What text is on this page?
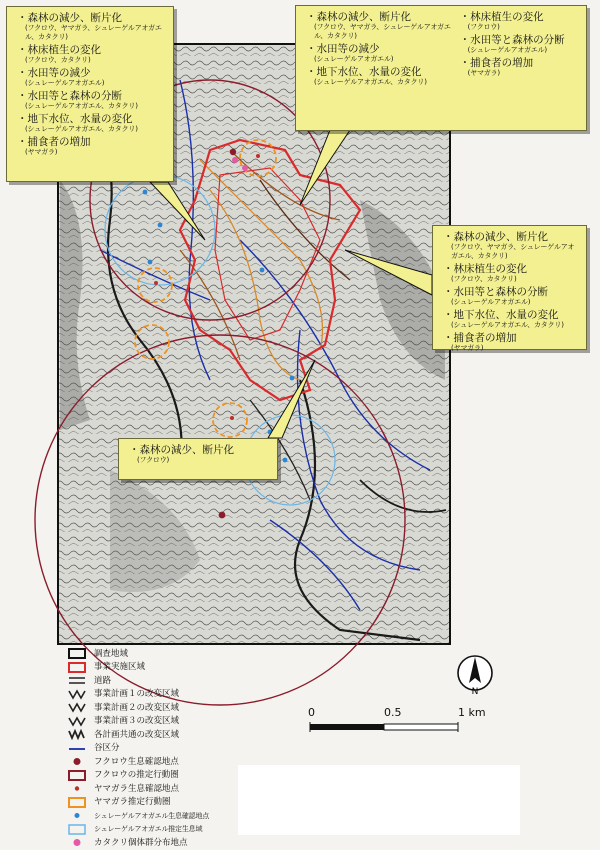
・ 森林の減少、断片化
(フクロウ、ヤマガラ、シュレーゲルアオガエル、カタクリ)
・ 林床植生の変化
(フクロウ、カタクリ)
・ 水田等の減少
(シュレーゲルアオガエル)
・ 水田等と森林の分断
(シュレーゲルアオガエル、カタクリ)
・ 地下水位、水量の変化
(シュレーゲルアオガエル、カタクリ)
・ 捕食者の増加
(ヤマガラ)
・ 森林の減少、断片化
(フクロウ、ヤマガラ、シュレーゲルアオガエル、カタクリ)
・ 水田等の減少
(シュレーゲルアオガエル)
・ 地下水位、水量の変化
(シュレーゲルアオガエル、カタクリ)
・ 林床植生の変化
(フクロウ)
・ 水田等と森林の分断
(シュレーゲルアオガエル)
・ 捕食者の増加
(ヤマガラ)
・ 森林の減少、断片化
(フクロウ、ヤマガラ、シュレーゲルアオガエル、カタクリ)
・ 林床植生の変化
(フクロウ、カタクリ)
・ 水田等と森林の分断
(シュレーゲルアオガエル)
・ 地下水位、水量の変化
(シュレーゲルアオガエル、カタクリ)
・ 捕食者の増加
(ヤマガラ)
・ 森林の減少、断片化
(フクロウ)
調査地域
事業実施区域
道路
事業計画１の改変区域
事業計画２の改変区域
事業計画３の改変区域
各計画共通の改変区域
谷区分
フクロウ生息確認地点
フクロウの推定行動圏
ヤマガラ生息確認地点
ヤマガラ推定行動圏
シュレーゲルアオガエル生息確認地点
シュレーゲルアオガエル推定生息域
カタクリ個体群分布地点
N
0	0.5	1 km
